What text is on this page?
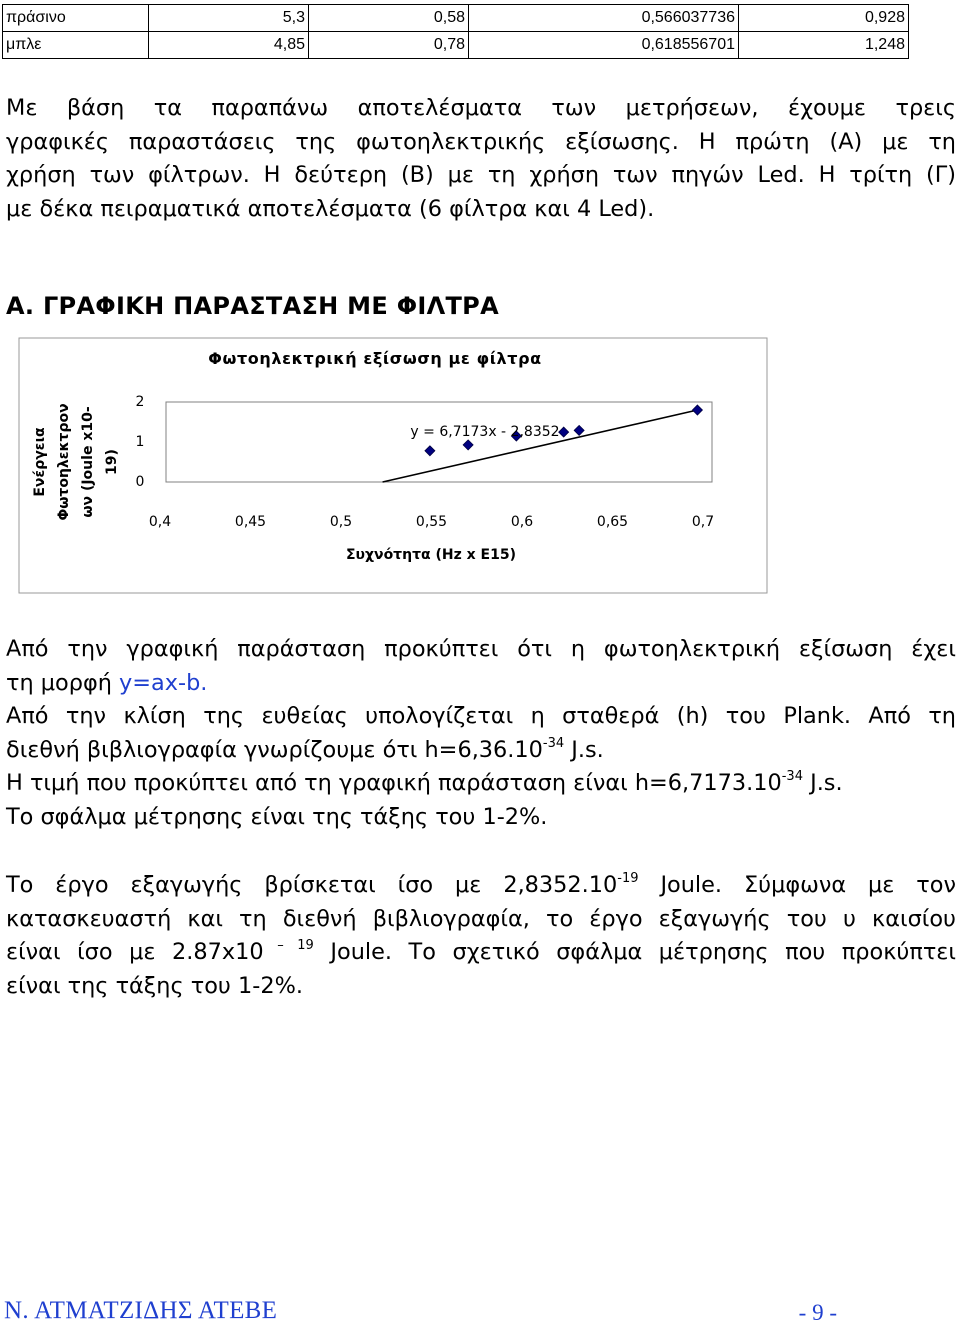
πράσινο	5,3	0,58	0,566037736	0,928
μπλε	4,85	0,78	0,618556701	1,248

Με βάση τα παραπάνω αποτελέσματα των μετρήσεων, έχουμε τρεις
γραφικές παραστάσεις της φωτοηλεκτρικής εξίσωσης. Η πρώτη (Α) με τη
χρήση των φίλτρων. Η δεύτερη (Β) με τη χρήση των πηγών Led. Η τρίτη (Γ)
με δέκα πειραματικά αποτελέσματα (6 φίλτρα και 4 Led).

Α. ΓΡΑΦΙΚΗ ΠΑΡΑΣΤΑΣΗ ΜΕ ΦΙΛΤΡΑ
Φωτοηλεκτρική εξίσωση με φίλτρα
Ενέργεια Φωτοηλεκτρον ων (Joule x10- 19)
2
1
0
0,4	0,45	0,5	0,55	0,6	0,65	0,7
y = 6,7173x - 2,8352
Συχνότητα (Hz x E15)
Από την γραφική παράσταση προκύπτει ότι η φωτοηλεκτρική εξίσωση έχει
τη μορφή y=ax-b.
Από την κλίση της ευθείας υπολογίζεται η σταθερά (h) του Plank. Από τη
διεθνή βιβλιογραφία γνωρίζουμε ότι $h=6,36.10^{-34}$ J.s.
Η τιμή που προκύπτει από τη γραφική παράσταση είναι $h=6,7173.10^{-34}$ J.s.
Το σφάλμα μέτρησης είναι της τάξης του 1-2%.
Το έργο εξαγωγής βρίσκεται ίσο με $2,8352.10^{-19}$ Joule. Σύμφωνα με τον
κατασκευαστή και τη διεθνή βιβλιογραφία, το έργο εξαγωγής του υ καισίου
είναι ίσο με 2.87x10 $^{- 19}$ Joule. Το σχετικό σφάλμα μέτρησης που προκύπτει
είναι της τάξης του 1-2%.
Ν. ΑΤΜΑΤΖΙΔΗΣ ΑΤΕΒΕ	- 9 -
